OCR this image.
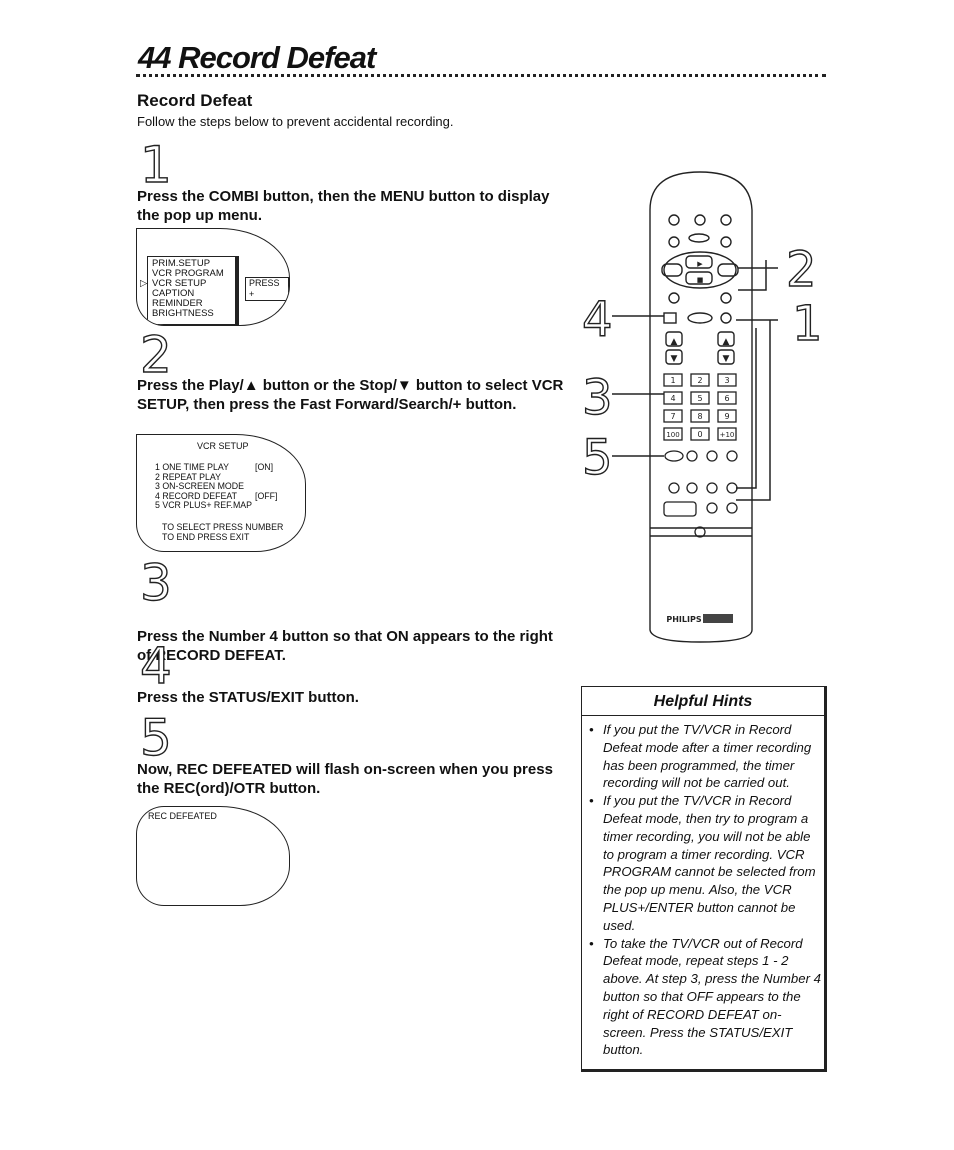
44 Record Defeat
Record Defeat
Follow the steps below to prevent accidental recording.
1
Press the COMBI button, then the MENU button to display the pop up menu.
PRIM.SETUP
VCR PROGRAM
▷ VCR SETUP
CAPTION
REMINDER
BRIGHTNESS
PRESS +
2
Press the Play/▲ button or the Stop/▼ button to select VCR SETUP, then press the Fast Forward/Search/+ button.
VCR SETUP
1 ONE TIME PLAY	[ON]
2 REPEAT PLAY
3 ON-SCREEN MODE
4 RECORD DEFEAT [OFF]
5 VCR PLUS+ REF.MAP
TO SELECT PRESS NUMBER
TO END PRESS EXIT
3
Press the Number 4 button so that ON appears to the right of RECORD DEFEAT.
4
Press the STATUS/EXIT button.
5
Now, REC DEFEATED will flash on-screen when you press the REC(ord)/OTR button.
REC DEFEATED
▲
▼
▲
▼
▶
■
1	2	3
4	5	6
7	8	9
100 0 +10
PHILIPS
4
3
5
2
1
Helpful Hints
• If you put the TV/VCR in Record Defeat mode after a timer recording has been programmed, the timer recording will not be carried out.
• If you put the TV/VCR in Record Defeat mode, then try to program a timer recording, you will not be able to program a timer recording. VCR PROGRAM cannot be selected from the pop up menu. Also, the VCR PLUS+/ENTER button cannot be used.
• To take the TV/VCR out of Record Defeat mode, repeat steps 1 - 2 above. At step 3, press the Number 4 button so that OFF appears to the right of RECORD DEFEAT on-screen. Press the STATUS/EXIT button.
